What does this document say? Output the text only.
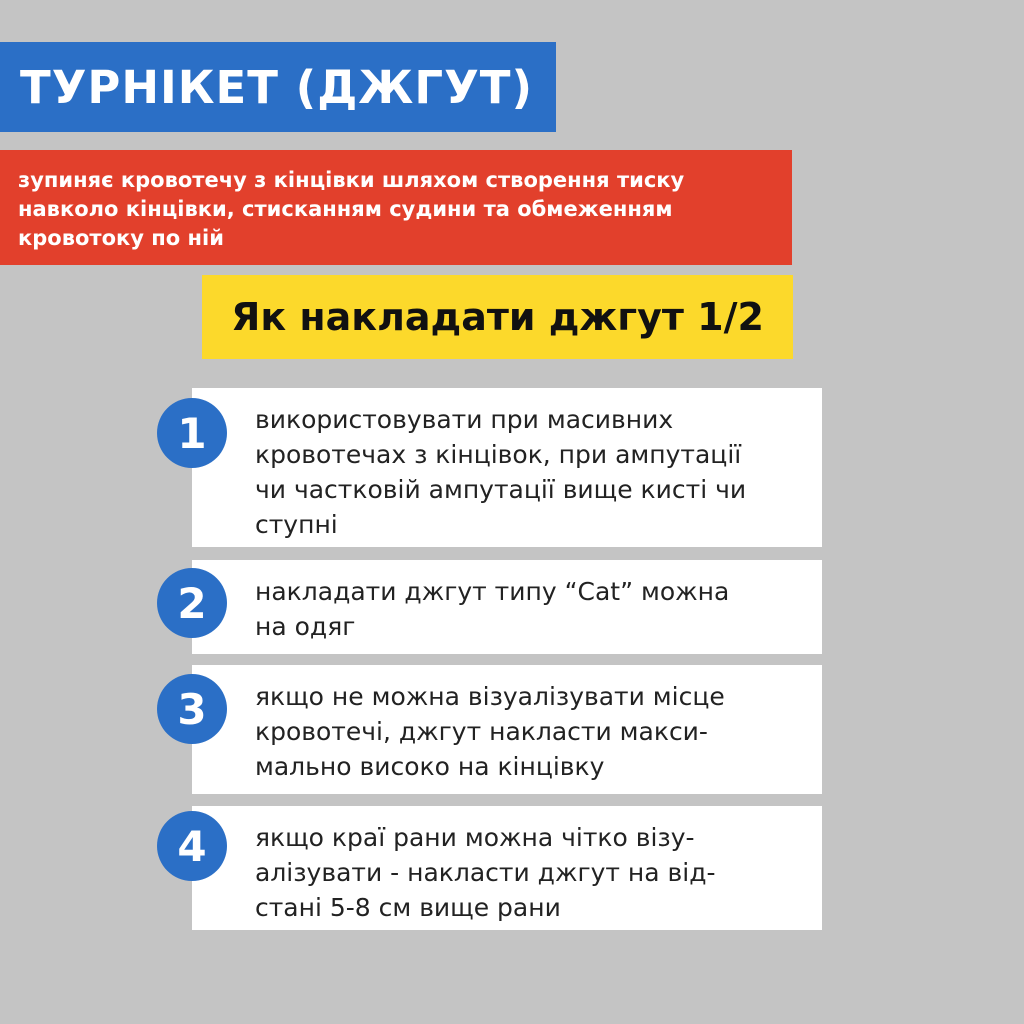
ТУРНІКЕТ (ДЖГУТ)

зупиняє кровотечу з кінцівки шляхом створення тиску

навколо кінцівки, стисканням судини та обмеженням

кровотоку по ній

Як накладати джгут 1/2

використовувати при масивних

кровотечах з кінцівок, при ампутації

чи частковій ампутації вище кисті чи

ступні

1

накладати джгут типу “Cat” можна

на одяг

2

якщо не можна візуалізувати місце

кровотечі, джгут накласти макси-

мально високо на кінцівку

3

якщо краї рани можна чітко візу-

алізувати - накласти джгут на від-

стані 5-8 см вище рани

4
